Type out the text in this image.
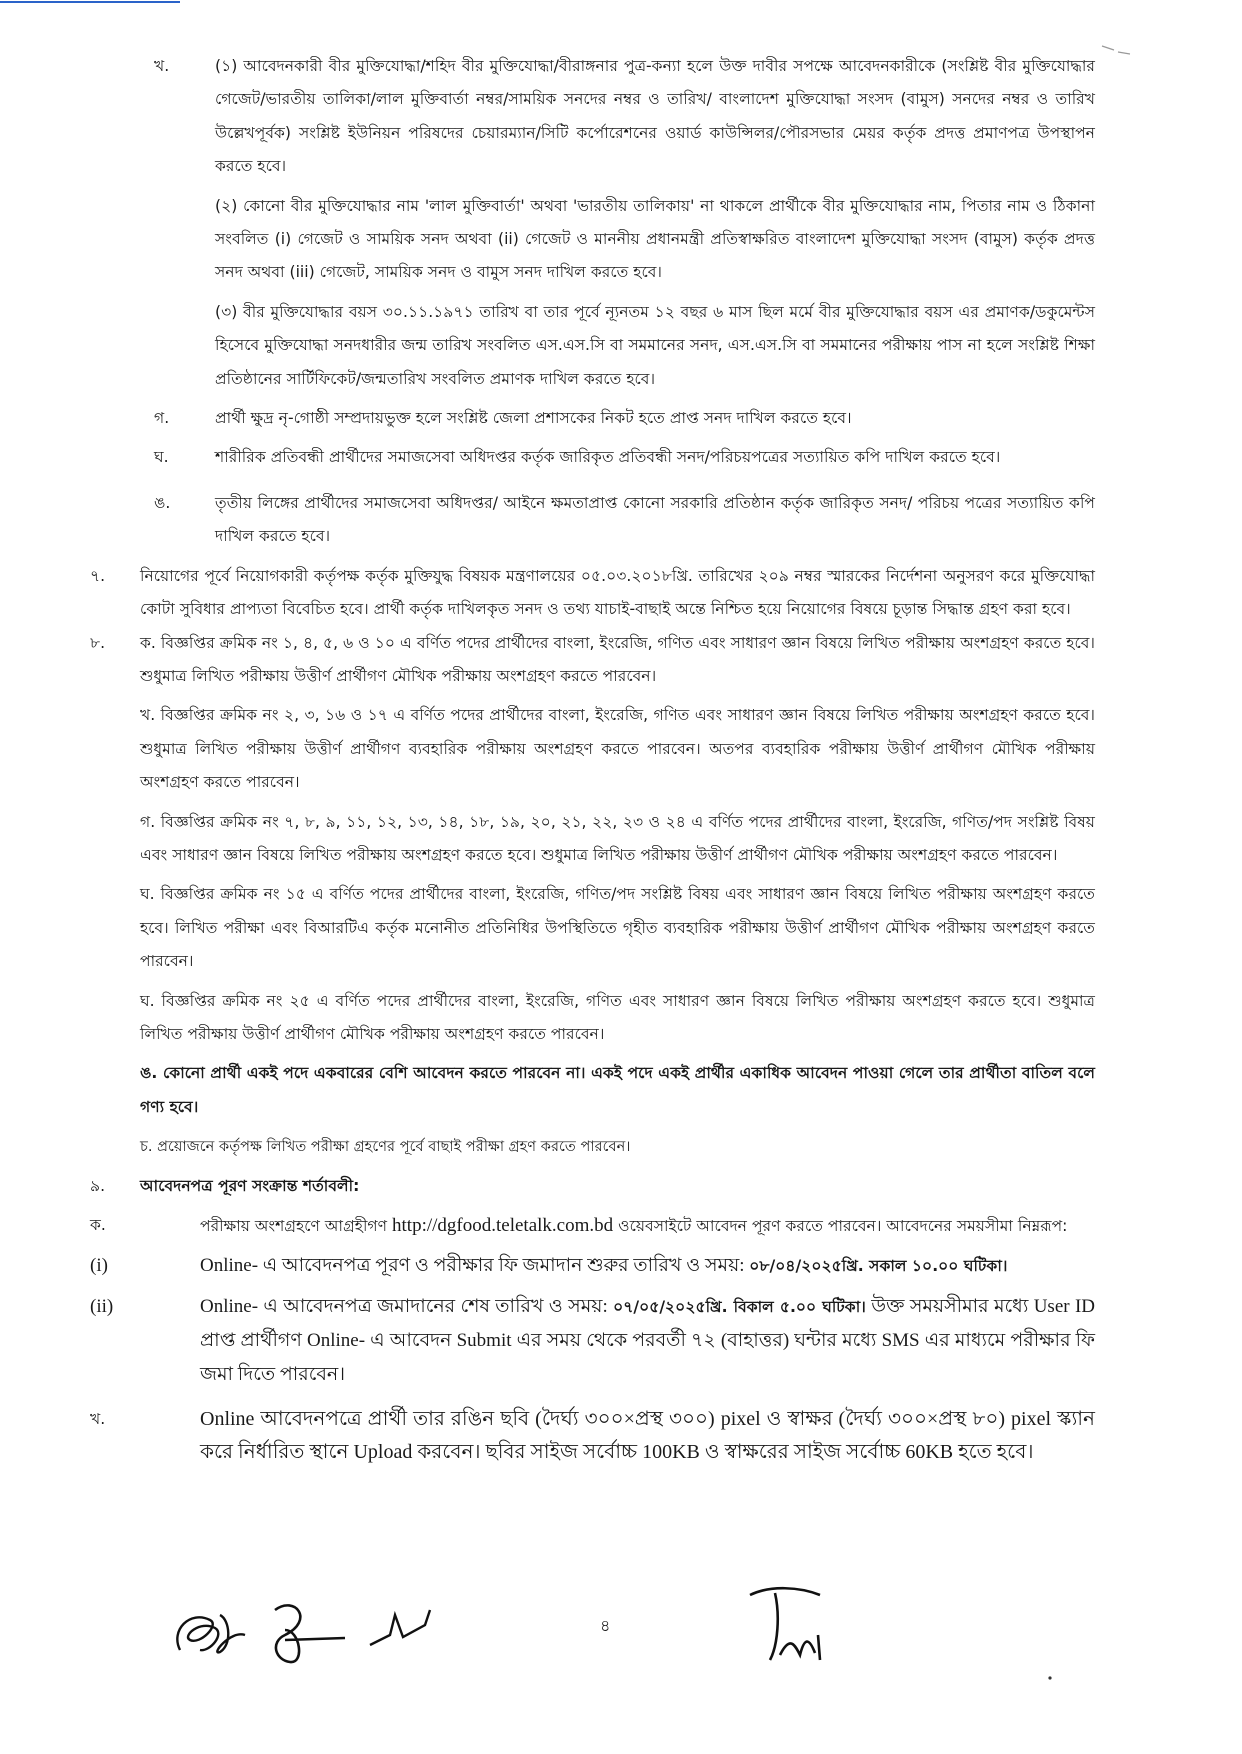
খ.	(১) আবেদনকারী বীর মুক্তিযোদ্ধা/শহিদ বীর মুক্তিযোদ্ধা/বীরাঙ্গনার পুত্র-কন্যা হলে উক্ত দাবীর সপক্ষে আবেদনকারীকে (সংশ্লিষ্ট বীর মুক্তিযোদ্ধার গেজেট/ভারতীয় তালিকা/লাল মুক্তিবার্তা নম্বর/সাময়িক সনদের নম্বর ও তারিখ/ বাংলাদেশ মুক্তিযোদ্ধা সংসদ (বামুস) সনদের নম্বর ও তারিখ উল্লেখপূর্বক) সংশ্লিষ্ট ইউনিয়ন পরিষদের চেয়ারম্যান/সিটি কর্পোরেশনের ওয়ার্ড কাউন্সিলর/পৌরসভার মেয়র কর্তৃক প্রদত্ত প্রমাণপত্র উপস্থাপন করতে হবে।
(২) কোনো বীর মুক্তিযোদ্ধার নাম 'লাল মুক্তিবার্তা' অথবা 'ভারতীয় তালিকায়' না থাকলে প্রার্থীকে বীর মুক্তিযোদ্ধার নাম, পিতার নাম ও ঠিকানা সংবলিত (i) গেজেট ও সাময়িক সনদ অথবা (ii) গেজেট ও মাননীয় প্রধানমন্ত্রী প্রতিস্বাক্ষরিত বাংলাদেশ মুক্তিযোদ্ধা সংসদ (বামুস) কর্তৃক প্রদত্ত সনদ অথবা (iii) গেজেট, সাময়িক সনদ ও বামুস সনদ দাখিল করতে হবে।
(৩) বীর মুক্তিযোদ্ধার বয়স ৩০.১১.১৯৭১ তারিখ বা তার পূর্বে ন্যূনতম ১২ বছর ৬ মাস ছিল মর্মে বীর মুক্তিযোদ্ধার বয়স এর প্রমাণক/ডকুমেন্টস হিসেবে মুক্তিযোদ্ধা সনদধারীর জন্ম তারিখ সংবলিত এস.এস.সি বা সমমানের সনদ, এস.এস.সি বা সমমানের পরীক্ষায় পাস না হলে সংশ্লিষ্ট শিক্ষা প্রতিষ্ঠানের সার্টিফিকেট/জন্মতারিখ সংবলিত প্রমাণক দাখিল করতে হবে।
গ.	প্রার্থী ক্ষুদ্র নৃ-গোষ্ঠী সম্প্রদায়ভুক্ত হলে সংশ্লিষ্ট জেলা প্রশাসকের নিকট হতে প্রাপ্ত সনদ দাখিল করতে হবে।
ঘ.	শারীরিক প্রতিবন্ধী প্রার্থীদের সমাজসেবা অধিদপ্তর কর্তৃক জারিকৃত প্রতিবন্ধী সনদ/পরিচয়পত্রের সত্যায়িত কপি দাখিল করতে হবে।
ঙ.	তৃতীয় লিঙ্গের প্রার্থীদের সমাজসেবা অধিদপ্তর/ আইনে ক্ষমতাপ্রাপ্ত কোনো সরকারি প্রতিষ্ঠান কর্তৃক জারিকৃত সনদ/ পরিচয় পত্রের সত্যায়িত কপি দাখিল করতে হবে।
৭.	নিয়োগের পূর্বে নিয়োগকারী কর্তৃপক্ষ কর্তৃক মুক্তিযুদ্ধ বিষয়ক মন্ত্রণালয়ের ০৫.০৩.২০১৮খ্রি. তারিখের ২০৯ নম্বর স্মারকের নির্দেশনা অনুসরণ করে মুক্তিযোদ্ধা কোটা সুবিধার প্রাপ্যতা বিবেচিত হবে। প্রার্থী কর্তৃক দাখিলকৃত সনদ ও তথ্য যাচাই-বাছাই অন্তে নিশ্চিত হয়ে নিয়োগের বিষয়ে চূড়ান্ত সিদ্ধান্ত গ্রহণ করা হবে।
৮.	ক. বিজ্ঞপ্তির ক্রমিক নং ১, ৪, ৫, ৬ ও ১০ এ বর্ণিত পদের প্রার্থীদের বাংলা, ইংরেজি, গণিত এবং সাধারণ জ্ঞান বিষয়ে লিখিত পরীক্ষায় অংশগ্রহণ করতে হবে। শুধুমাত্র লিখিত পরীক্ষায় উত্তীর্ণ প্রার্থীগণ মৌখিক পরীক্ষায় অংশগ্রহণ করতে পারবেন।
খ. বিজ্ঞপ্তির ক্রমিক নং ২, ৩, ১৬ ও ১৭ এ বর্ণিত পদের প্রার্থীদের বাংলা, ইংরেজি, গণিত এবং সাধারণ জ্ঞান বিষয়ে লিখিত পরীক্ষায় অংশগ্রহণ করতে হবে। শুধুমাত্র লিখিত পরীক্ষায় উত্তীর্ণ প্রার্থীগণ ব্যবহারিক পরীক্ষায় অংশগ্রহণ করতে পারবেন। অতপর ব্যবহারিক পরীক্ষায় উত্তীর্ণ প্রার্থীগণ মৌখিক পরীক্ষায় অংশগ্রহণ করতে পারবেন।
গ. বিজ্ঞপ্তির ক্রমিক নং ৭, ৮, ৯, ১১, ১২, ১৩, ১৪, ১৮, ১৯, ২০, ২১, ২২, ২৩ ও ২৪ এ বর্ণিত পদের প্রার্থীদের বাংলা, ইংরেজি, গণিত/পদ সংশ্লিষ্ট বিষয় এবং সাধারণ জ্ঞান বিষয়ে লিখিত পরীক্ষায় অংশগ্রহণ করতে হবে। শুধুমাত্র লিখিত পরীক্ষায় উত্তীর্ণ প্রার্থীগণ মৌখিক পরীক্ষায় অংশগ্রহণ করতে পারবেন।
ঘ. বিজ্ঞপ্তির ক্রমিক নং ১৫ এ বর্ণিত পদের প্রার্থীদের বাংলা, ইংরেজি, গণিত/পদ সংশ্লিষ্ট বিষয় এবং সাধারণ জ্ঞান বিষয়ে লিখিত পরীক্ষায় অংশগ্রহণ করতে হবে। লিখিত পরীক্ষা এবং বিআরটিএ কর্তৃক মনোনীত প্রতিনিধির উপস্থিতিতে গৃহীত ব্যবহারিক পরীক্ষায় উত্তীর্ণ প্রার্থীগণ মৌখিক পরীক্ষায় অংশগ্রহণ করতে পারবেন।
ঘ. বিজ্ঞপ্তির ক্রমিক নং ২৫ এ বর্ণিত পদের প্রার্থীদের বাংলা, ইংরেজি, গণিত এবং সাধারণ জ্ঞান বিষয়ে লিখিত পরীক্ষায় অংশগ্রহণ করতে হবে। শুধুমাত্র লিখিত পরীক্ষায় উত্তীর্ণ প্রার্থীগণ মৌখিক পরীক্ষায় অংশগ্রহণ করতে পারবেন।
ঙ. কোনো প্রার্থী একই পদে একবারের বেশি আবেদন করতে পারবেন না। একই পদে একই প্রার্থীর একাধিক আবেদন পাওয়া গেলে তার প্রার্থীতা বাতিল বলে গণ্য হবে।
চ. প্রয়োজনে কর্তৃপক্ষ লিখিত পরীক্ষা গ্রহণের পূর্বে বাছাই পরীক্ষা গ্রহণ করতে পারবেন।
৯.	আবেদনপত্র পূরণ সংক্রান্ত শর্তাবলী:
ক.	পরীক্ষায় অংশগ্রহণে আগ্রহীগণ http://dgfood.teletalk.com.bd ওয়েবসাইটে আবেদন পূরণ করতে পারবেন। আবেদনের সময়সীমা নিম্নরূপ:
(i)	Online- এ আবেদনপত্র পূরণ ও পরীক্ষার ফি জমাদান শুরুর তারিখ ও সময়: ০৮/০৪/২০২৫খ্রি. সকাল ১০.০০ ঘটিকা।
(ii)	Online- এ আবেদনপত্র জমাদানের শেষ তারিখ ও সময়: ০৭/০৫/২০২৫খ্রি. বিকাল ৫.০০ ঘটিকা। উক্ত সময়সীমার মধ্যে User ID প্রাপ্ত প্রার্থীগণ Online- এ আবেদন Submit এর সময় থেকে পরবর্তী ৭২ (বাহাত্তর) ঘন্টার মধ্যে SMS এর মাধ্যমে পরীক্ষার ফি জমা দিতে পারবেন।
খ.	Online আবেদনপত্রে প্রার্থী তার রঙিন ছবি (দৈর্ঘ্য ৩০০×প্রস্থ ৩০০) pixel ও স্বাক্ষর (দৈর্ঘ্য ৩০০×প্রস্থ ৮০) pixel স্ক্যান করে নির্ধারিত স্থানে Upload করবেন। ছবির সাইজ সর্বোচ্চ 100KB ও স্বাক্ষরের সাইজ সর্বোচ্চ 60KB হতে হবে।
৪
